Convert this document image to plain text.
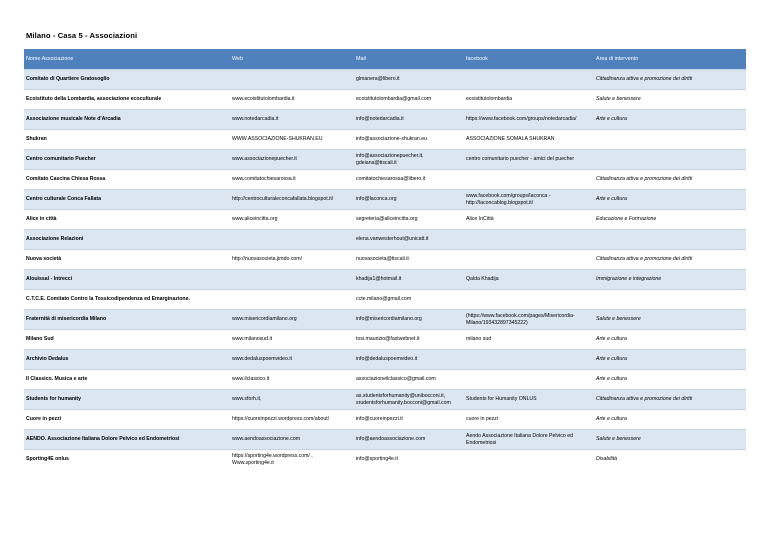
Milano - Casa 5 - Associazioni
Nome Associazione	Web	Mail	facebook	Area di intervento
Comitato di Quartiere Gratosoglio		glmanera@libero.it		Cittadinanza attiva e promozione dei diritti
Ecoistituto della Lombardia, associazione ecoculturale	www.ecoistitutolombardia.it	ecoistitutolombardia@gmail.com	ecoistitutolombardia	Salute e benessere
Associazione musicale Note d'Arcadia	www.notedarcadia.it	info@notedarcadia.it	https://www.facebook.com/groups/notedarcadia/	Arte e cultura
Shukran	WWW.ASSOCIAZIONE-SHUKRAN.EU	info@associazione-shukran.eu	ASSOCIAZIONE SOMALA SHUKRAN	
Centro comunitario Puecher	www.associazionepuecher.it	info@associazionepuecher.it, gdeiana@tiscali.it	centro comunitario puecher - amici del puecher	
Comitato Cascina Chiesa Rossa	www.comitatochiesarossa.it	comitatochiesarossa@libero.it		Cittadinanza attiva e promozione dei diritti
Centro culturale Conca Fallata	http://centroculturaleconcafallata.blogspot.it/	info@laconca.org	www.facebook.com/groups/laconca - http://laconcablog.blogspot.it/	Arte e cultura
Alice in città	www.aliceincitta.org	segreteria@aliceincitta.org	Alice InCittà	Educazione e Formazione
Associazione Relazioni		elena.vanwesterhout@unicatt.it		
Nuova società	http://nuovasocieta.jimdo.com/	nuovasocieta@tiscali.it		Cittadinanza attiva e promozione dei diritti
Alouissal - Intrecci		khadija1@hotmail.it	Qalda Khadija	Immigrazione e integrazione
C.T.C.E. Comitato Contro la Tossicodipendenza ed Emarginazione.		ccte.milano@gmail.com		
Fraternità di misericordia Milano	www.misericordiamilano.org	info@misericordiamilano.org	(https://www.facebook.com/pages/Misericordia-Milano/193432897345222)	Salute e benessere
Milano Sud	www.milanosud.it	tosi.maurizio@fastwebnet.it	milano sud	Arte e cultura
Archivio Dedalus	www.dedaluspoemvideo.it	info@dedaluspoemvideo.it		Arte e cultura
Il Classico. Musica e arte	www.ilclassico.it	associazioneilclassico@gmail.com		Arte e cultura
Students for humanity	www.sforh.it,	as.studentsforhumanity@unibocconi.it, srudentsforhumanity.bocconi@gmail.com	Students for Humanity ONLUS	Cittadinanza attiva e promozione dei diritti
Cuore in pezzi	https://cuoreinpezzi.wordpress.com/about/	info@cuoreinpezzi.it	cuore in pezzi	Arte e cultura
AENDO. Associazione Italiana Dolore Pelvico ed Endometriosi	www.aendoassociazione.com	info@aendoassociazione.com	Aendo Associazione Italiana Dolore Pelvico ed Endometriosi	Salute e benessere
Sporting4E onlus	https://sporting4e.wordpress.com/ , Www.sporting4e.it	info@sporting4e.it		Disabilità
